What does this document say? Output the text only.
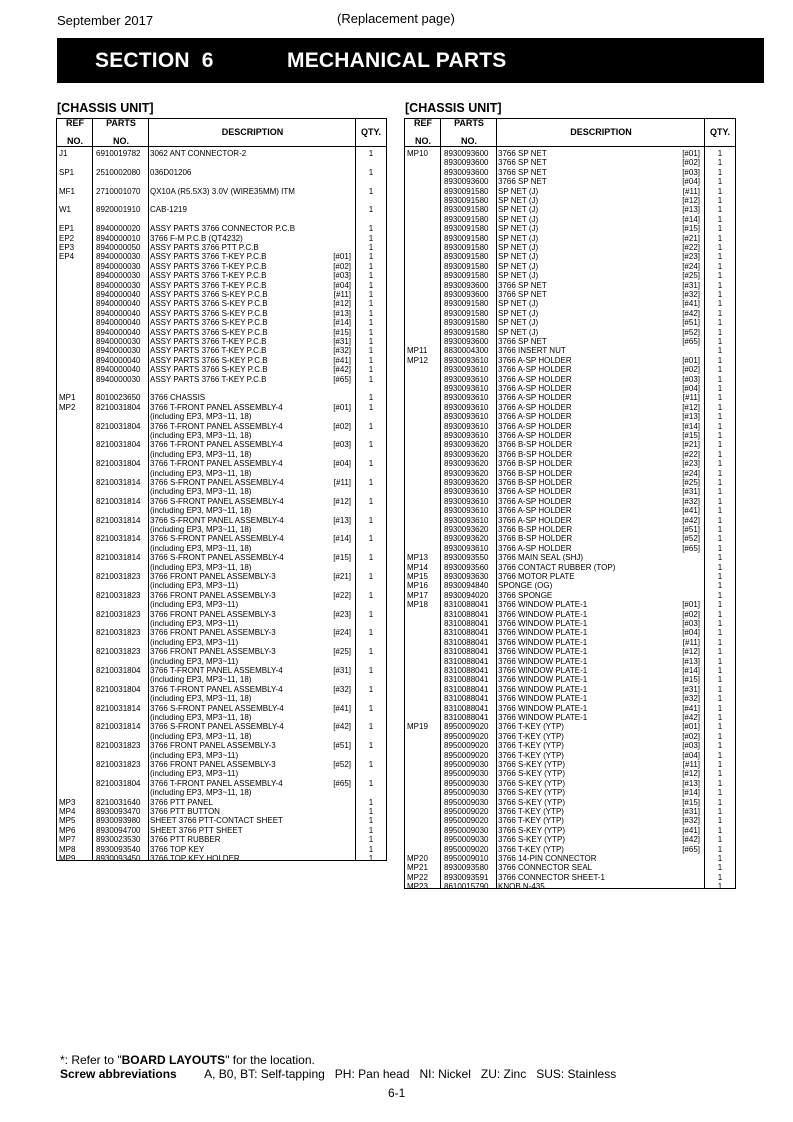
September 2017	(Replacement page)
SECTION  6	MECHANICAL PARTS
[CHASSIS UNIT]	[CHASSIS UNIT]
REF

NO.
PARTS

NO.
DESCRIPTION	QTY.
J1	6910019782 3062 ANT CONNECTOR-2	1
SP1	2510002080 036D01206	1
MF1	2710001070 QX10A (R5.5X3) 3.0V (WIRE35MM) ITM	1
W1	8920001910 CAB-1219	1
EP1	8940000020 ASSY PARTS 3766 CONNECTOR P.C.B	1
EP2	8940000010 3766 F-M P.C.B (QT4232)	1
EP3	8940000050 ASSY PARTS 3766 PTT P.C.B	1
EP4	8940000030 ASSY PARTS 3766 T-KEY P.C.B	[#01]	1
8940000030 ASSY PARTS 3766 T-KEY P.C.B	[#02]	1
8940000030 ASSY PARTS 3766 T-KEY P.C.B	[#03]	1
8940000030 ASSY PARTS 3766 T-KEY P.C.B	[#04]	1
8940000040 ASSY PARTS 3766 S-KEY P.C.B	[#11]	1
8940000040 ASSY PARTS 3766 S-KEY P.C.B	[#12]	1
8940000040 ASSY PARTS 3766 S-KEY P.C.B	[#13]	1
8940000040 ASSY PARTS 3766 S-KEY P.C.B	[#14]	1
8940000040 ASSY PARTS 3766 S-KEY P.C.B	[#15]	1
8940000030 ASSY PARTS 3766 T-KEY P.C.B	[#31]	1
8940000030 ASSY PARTS 3766 T-KEY P.C.B	[#32]	1
8940000040 ASSY PARTS 3766 S-KEY P.C.B	[#41]	1
8940000040 ASSY PARTS 3766 S-KEY P.C.B	[#42]	1
8940000030 ASSY PARTS 3766 T-KEY P.C.B	[#65]	1
MP1	8010023650 3766 CHASSIS	1
MP2	8210031804 3766 T-FRONT PANEL ASSEMBLY-4	[#01]	1
(including EP3, MP3~11, 18)
8210031804 3766 T-FRONT PANEL ASSEMBLY-4	[#02]	1
(including EP3, MP3~11, 18)
8210031804 3766 T-FRONT PANEL ASSEMBLY-4	[#03]	1
(including EP3, MP3~11, 18)
8210031804 3766 T-FRONT PANEL ASSEMBLY-4	[#04]	1
(including EP3, MP3~11, 18)
8210031814 3766 S-FRONT PANEL ASSEMBLY-4	[#11]	1
(including EP3, MP3~11, 18)
8210031814 3766 S-FRONT PANEL ASSEMBLY-4	[#12]	1
(including EP3, MP3~11, 18)
8210031814 3766 S-FRONT PANEL ASSEMBLY-4	[#13]	1
(including EP3, MP3~11, 18)
8210031814 3766 S-FRONT PANEL ASSEMBLY-4	[#14]	1
(including EP3, MP3~11, 18)
8210031814 3766 S-FRONT PANEL ASSEMBLY-4	[#15]	1
(including EP3, MP3~11, 18)
8210031823 3766 FRONT PANEL ASSEMBLY-3	[#21]	1
(including EP3, MP3~11)
8210031823 3766 FRONT PANEL ASSEMBLY-3	[#22]	1
(including EP3, MP3~11)
8210031823 3766 FRONT PANEL ASSEMBLY-3	[#23]	1
(including EP3, MP3~11)
8210031823 3766 FRONT PANEL ASSEMBLY-3	[#24]	1
(including EP3, MP3~11)
8210031823 3766 FRONT PANEL ASSEMBLY-3	[#25]	1
(including EP3, MP3~11)
8210031804 3766 T-FRONT PANEL ASSEMBLY-4	[#31]	1
(including EP3, MP3~11, 18)
8210031804 3766 T-FRONT PANEL ASSEMBLY-4	[#32]	1
(including EP3, MP3~11, 18)
8210031814 3766 S-FRONT PANEL ASSEMBLY-4	[#41]	1
(including EP3, MP3~11, 18)
8210031814 3766 S-FRONT PANEL ASSEMBLY-4	[#42]	1
(including EP3, MP3~11, 18)
8210031823 3766 FRONT PANEL ASSEMBLY-3	[#51]	1
(including EP3, MP3~11)
8210031823 3766 FRONT PANEL ASSEMBLY-3	[#52]	1
(including EP3, MP3~11)
8210031804 3766 T-FRONT PANEL ASSEMBLY-4	[#65]	1
(including EP3, MP3~11, 18)
MP3	8210031640 3766 PTT PANEL	1
MP4	8930093470 3766 PTT BUTTON	1
MP5	8930093980 SHEET 3766 PTT-CONTACT SHEET	1
MP6	8930094700 SHEET 3766 PTT SHEET	1
MP7	8930023530 3766 PTT RUBBER	1
MP8	8930093540 3766 TOP KEY	1
MP9	8930093450 3766 TOP KEY HOLDER	1
REF

NO.
PARTS

NO.
DESCRIPTION	QTY.
MP10 8930093600 3766 SP NET	[#01]	1
8930093600 3766 SP NET	[#02]	1
8930093600 3766 SP NET	[#03]	1
8930093600 3766 SP NET	[#04]	1
8930091580 SP NET (J)	[#11]	1
8930091580 SP NET (J)	[#12]	1
8930091580 SP NET (J)	[#13]	1
8930091580 SP NET (J)	[#14]	1
8930091580 SP NET (J)	[#15]	1
8930091580 SP NET (J)	[#21]	1
8930091580 SP NET (J)	[#22]	1
8930091580 SP NET (J)	[#23]	1
8930091580 SP NET (J)	[#24]	1
8930091580 SP NET (J)	[#25]	1
8930093600 3766 SP NET	[#31]	1
8930093600 3766 SP NET	[#32]	1
8930091580 SP NET (J)	[#41]	1
8930091580 SP NET (J)	[#42]	1
8930091580 SP NET (J)	[#51]	1
8930091580 SP NET (J)	[#52]	1
8930093600 3766 SP NET	[#65]	1
MP11 8830004300 3766 INSERT NUT	1
MP12 8930093610 3766 A-SP HOLDER	[#01]	1
8930093610 3766 A-SP HOLDER	[#02]	1
8930093610 3766 A-SP HOLDER	[#03]	1
8930093610 3766 A-SP HOLDER	[#04]	1
8930093610 3766 A-SP HOLDER	[#11]	1
8930093610 3766 A-SP HOLDER	[#12]	1
8930093610 3766 A-SP HOLDER	[#13]	1
8930093610 3766 A-SP HOLDER	[#14]	1
8930093610 3766 A-SP HOLDER	[#15]	1
8930093620 3766 B-SP HOLDER	[#21]	1
8930093620 3766 B-SP HOLDER	[#22]	1
8930093620 3766 B-SP HOLDER	[#23]	1
8930093620 3766 B-SP HOLDER	[#24]	1
8930093620 3766 B-SP HOLDER	[#25]	1
8930093610 3766 A-SP HOLDER	[#31]	1
8930093610 3766 A-SP HOLDER	[#32]	1
8930093610 3766 A-SP HOLDER	[#41]	1
8930093610 3766 A-SP HOLDER	[#42]	1
8930093620 3766 B-SP HOLDER	[#51]	1
8930093620 3766 B-SP HOLDER	[#52]	1
8930093610 3766 A-SP HOLDER	[#65]	1
MP13 8930093550 3766 MAIN SEAL (SHJ)	1
MP14 8930093560 3766 CONTACT RUBBER (TOP)	1
MP15 8930093630 3766 MOTOR PLATE	1
MP16 8930094840 SPONGE (OG)	1
MP17 8930094020 3766 SPONGE	1
MP18 8310088041 3766 WINDOW PLATE-1	[#01]	1
8310088041 3766 WINDOW PLATE-1	[#02]	1
8310088041 3766 WINDOW PLATE-1	[#03]	1
8310088041 3766 WINDOW PLATE-1	[#04]	1
8310088041 3766 WINDOW PLATE-1	[#11]	1
8310088041 3766 WINDOW PLATE-1	[#12]	1
8310088041 3766 WINDOW PLATE-1	[#13]	1
8310088041 3766 WINDOW PLATE-1	[#14]	1
8310088041 3766 WINDOW PLATE-1	[#15]	1
8310088041 3766 WINDOW PLATE-1	[#31]	1
8310088041 3766 WINDOW PLATE-1	[#32]	1
8310088041 3766 WINDOW PLATE-1	[#41]	1
8310088041 3766 WINDOW PLATE-1	[#42]	1
MP19 8950009020 3766 T-KEY (YTP)	[#01]	1
8950009020 3766 T-KEY (YTP)	[#02]	1
8950009020 3766 T-KEY (YTP)	[#03]	1
8950009020 3766 T-KEY (YTP)	[#04]	1
8950009030 3766 S-KEY (YTP)	[#11]	1
8950009030 3766 S-KEY (YTP)	[#12]	1
8950009030 3766 S-KEY (YTP)	[#13]	1
8950009030 3766 S-KEY (YTP)	[#14]	1
8950009030 3766 S-KEY (YTP)	[#15]	1
8950009020 3766 T-KEY (YTP)	[#31]	1
8950009020 3766 T-KEY (YTP)	[#32]	1
8950009030 3766 S-KEY (YTP)	[#41]	1
8950009030 3766 S-KEY (YTP)	[#42]	1
8950009020 3766 T-KEY (YTP)	[#65]	1
MP20 8950009010 3766 14-PIN CONNECTOR	1
MP21 8930093580 3766 CONNECTOR SEAL	1
MP22 8930093591 3766 CONNECTOR SHEET-1	1
MP23 8610015790 KNOB N-435	1
*: Refer to "BOARD LAYOUTS" for the location.
Screw abbreviations A, B0, BT: Self-tapping   PH: Pan head   NI: Nickel   ZU: Zinc   SUS: Stainless
6-1
